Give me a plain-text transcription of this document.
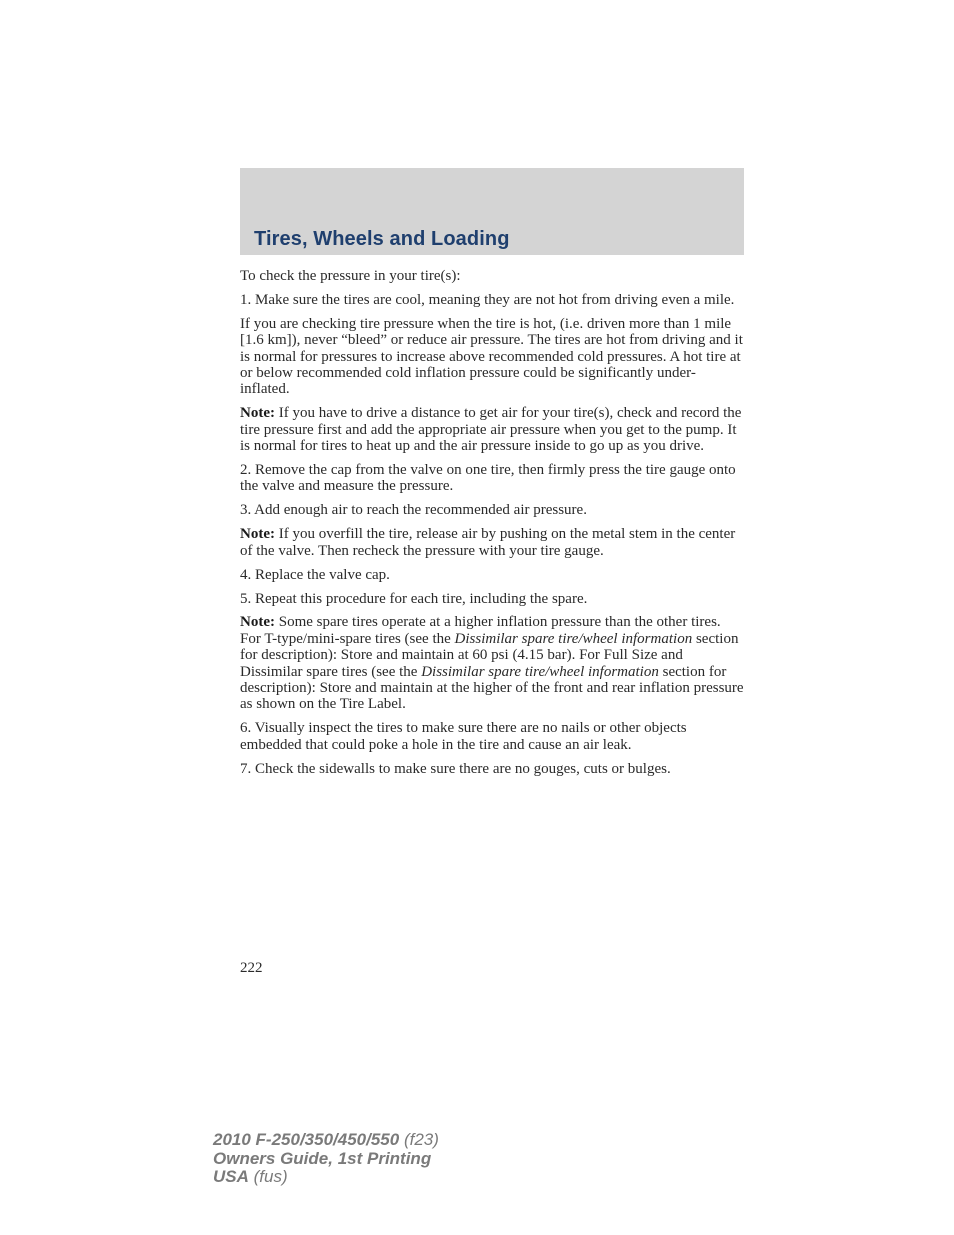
Tires, Wheels and Loading

To check the pressure in your tire(s):

1. Make sure the tires are cool, meaning they are not hot from driving even a mile.

If you are checking tire pressure when the tire is hot, (i.e. driven more than 1 mile [1.6 km]), never “bleed” or reduce air pressure. The tires are hot from driving and it is normal for pressures to increase above recommended cold pressures. A hot tire at or below recommended cold inflation pressure could be significantly under-inflated.

Note: If you have to drive a distance to get air for your tire(s), check and record the tire pressure first and add the appropriate air pressure when you get to the pump. It is normal for tires to heat up and the air pressure inside to go up as you drive.

2. Remove the cap from the valve on one tire, then firmly press the tire gauge onto the valve and measure the pressure.

3. Add enough air to reach the recommended air pressure.

Note: If you overfill the tire, release air by pushing on the metal stem in the center of the valve. Then recheck the pressure with your tire gauge.

4. Replace the valve cap.

5. Repeat this procedure for each tire, including the spare.

Note: Some spare tires operate at a higher inflation pressure than the other tires. For T-type/mini-spare tires (see the Dissimilar spare tire/wheel information section for description): Store and maintain at 60 psi (4.15 bar). For Full Size and Dissimilar spare tires (see the Dissimilar spare tire/wheel information section for description): Store and maintain at the higher of the front and rear inflation pressure as shown on the Tire Label.

6. Visually inspect the tires to make sure there are no nails or other objects embedded that could poke a hole in the tire and cause an air leak.

7. Check the sidewalls to make sure there are no gouges, cuts or bulges.

222
2010 F-250/350/450/550 (f23)
Owners Guide, 1st Printing
USA (fus)
